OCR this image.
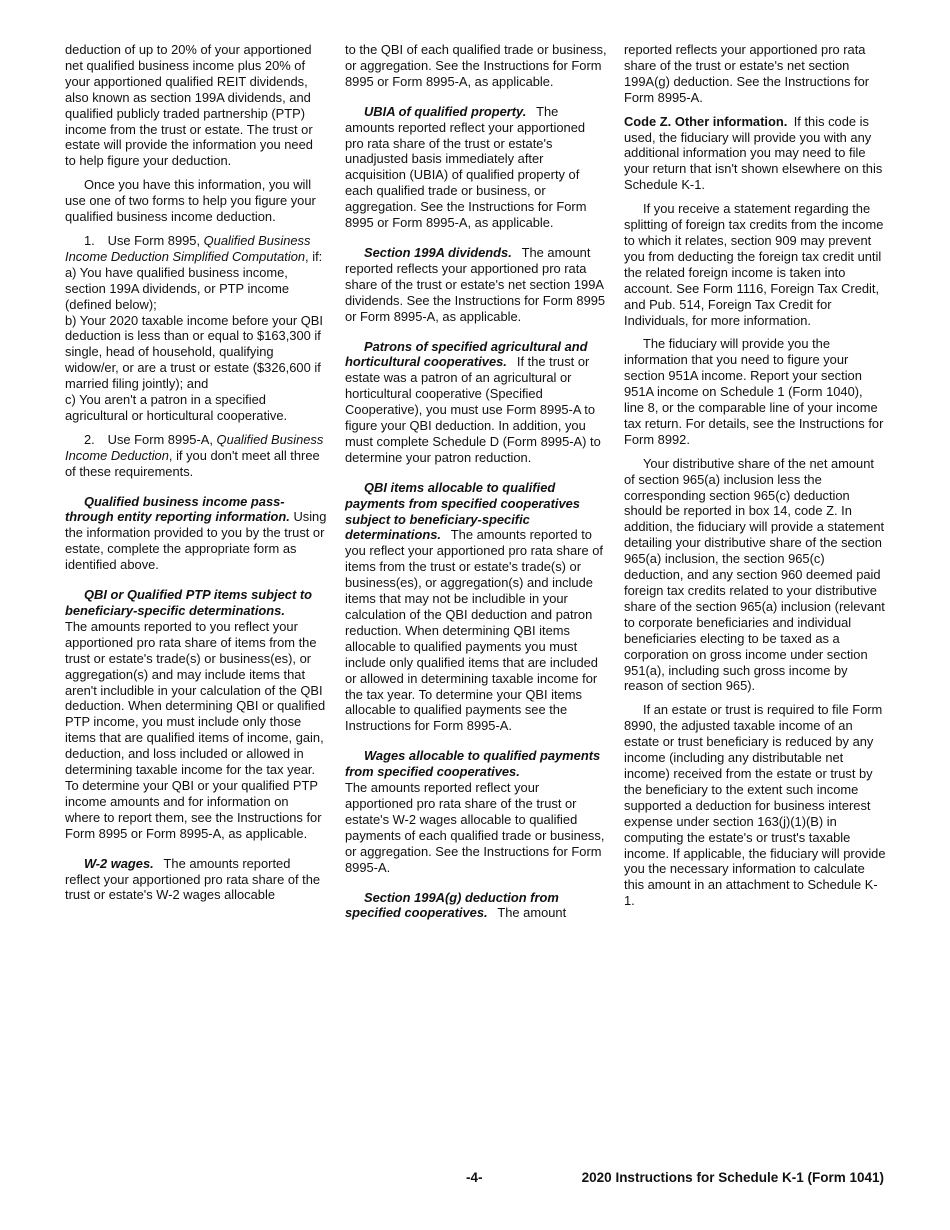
deduction of up to 20% of your apportioned net qualified business income plus 20% of your apportioned qualified REIT dividends, also known as section 199A dividends, and qualified publicly traded partnership (PTP) income from the trust or estate. The trust or estate will provide the information you need to help figure your deduction.

Once you have this information, you will use one of two forms to help you figure your qualified business income deduction.

1. Use Form 8995, Qualified Business Income Deduction Simplified Computation, if:

a) You have qualified business income, section 199A dividends, or PTP income (defined below);

b) Your 2020 taxable income before your QBI deduction is less than or equal to $163,300 if single, head of household, qualifying widow/er, or are a trust or estate ($326,600 if married filing jointly); and

c) You aren't a patron in a specified agricultural or horticultural cooperative.

2. Use Form 8995-A, Qualified Business Income Deduction, if you don't meet all three of these requirements.

Qualified business income pass-through entity reporting information. Using the information provided to you by the trust or estate, complete the appropriate form as identified above.

QBI or Qualified PTP items subject to beneficiary-specific determinations.

The amounts reported to you reflect your apportioned pro rata share of items from the trust or estate's trade(s) or business(es), or aggregation(s) and may include items that aren't includible in your calculation of the QBI deduction. When determining QBI or qualified PTP income, you must include only those items that are qualified items of income, gain, deduction, and loss included or allowed in determining taxable income for the tax year. To determine your QBI or your qualified PTP income amounts and for information on where to report them, see the Instructions for Form 8995 or Form 8995-A, as applicable.

W-2 wages.  The amounts reported reflect your apportioned pro rata share of the trust or estate's W-2 wages allocable

to the QBI of each qualified trade or business, or aggregation. See the Instructions for Form 8995 or Form 8995-A, as applicable.

UBIA of qualified property.  The amounts reported reflect your apportioned pro rata share of the trust or estate's unadjusted basis immediately after acquisition (UBIA) of qualified property of each qualified trade or business, or aggregation. See the Instructions for Form 8995 or Form 8995-A, as applicable.

Section 199A dividends.  The amount reported reflects your apportioned pro rata share of the trust or estate's net section 199A dividends. See the Instructions for Form 8995 or Form 8995-A, as applicable.

Patrons of specified agricultural and horticultural cooperatives.  If the trust or estate was a patron of an agricultural or horticultural cooperative (Specified Cooperative), you must use Form 8995-A to figure your QBI deduction. In addition, you must complete Schedule D (Form 8995-A) to determine your patron reduction.

QBI items allocable to qualified payments from specified cooperatives subject to beneficiary-specific determinations.  The amounts reported to you reflect your apportioned pro rata share of items from the trust or estate's trade(s) or business(es), or aggregation(s) and include items that may not be includible in your calculation of the QBI deduction and patron reduction. When determining QBI items allocable to qualified payments you must include only qualified items that are included or allowed in determining taxable income for the tax year. To determine your QBI items allocable to qualified payments see the Instructions for Form 8995-A.

Wages allocable to qualified payments from specified cooperatives.

The amounts reported reflect your apportioned pro rata share of the trust or estate's W-2 wages allocable to qualified payments of each qualified trade or business, or aggregation. See the Instructions for Form 8995-A.

Section 199A(g) deduction from specified cooperatives.  The amount

reported reflects your apportioned pro rata share of the trust or estate's net section 199A(g) deduction. See the Instructions for Form 8995-A.

Code Z. Other information. If this code is used, the fiduciary will provide you with any additional information you may need to file your return that isn't shown elsewhere on this Schedule K-1.

If you receive a statement regarding the splitting of foreign tax credits from the income to which it relates, section 909 may prevent you from deducting the foreign tax credit until the related foreign income is taken into account. See Form 1116, Foreign Tax Credit, and Pub. 514, Foreign Tax Credit for Individuals, for more information.

The fiduciary will provide you the information that you need to figure your section 951A income. Report your section 951A income on Schedule 1 (Form 1040), line 8, or the comparable line of your income tax return. For details, see the Instructions for Form 8992.

Your distributive share of the net amount of section 965(a) inclusion less the corresponding section 965(c) deduction should be reported in box 14, code Z. In addition, the fiduciary will provide a statement detailing your distributive share of the section 965(a) inclusion, the section 965(c) deduction, and any section 960 deemed paid foreign tax credits related to your distributive share of the section 965(a) inclusion (relevant to corporate beneficiaries and individual beneficiaries electing to be taxed as a corporation on gross income under section 951(a), including such gross income by reason of section 965).

If an estate or trust is required to file Form 8990, the adjusted taxable income of an estate or trust beneficiary is reduced by any income (including any distributable net income) received from the estate or trust by the beneficiary to the extent such income supported a deduction for business interest expense under section 163(j)(1)(B) in computing the estate's or trust's taxable income. If applicable, the fiduciary will provide you the necessary information to calculate this amount in an attachment to Schedule K-1.

-4-	2020 Instructions for Schedule K-1 (Form 1041)
